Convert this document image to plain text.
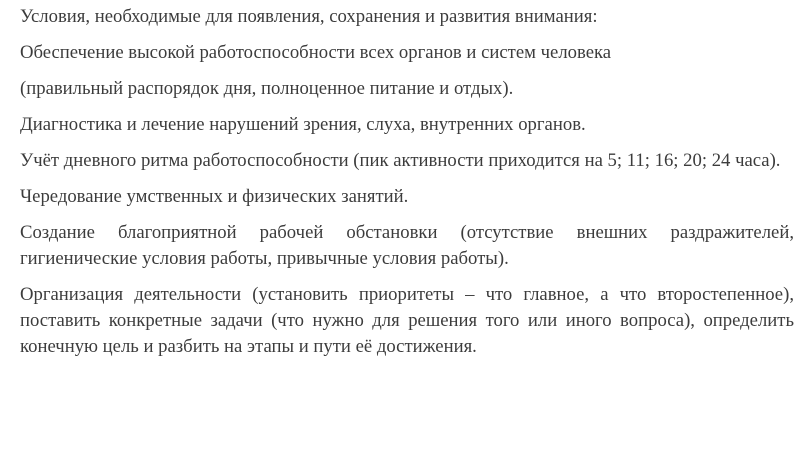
Условия, необходимые для появления, сохранения и развития внимания:

Обеспечение высокой работоспособности всех органов и систем человека

(правильный распорядок дня, полноценное питание и отдых).

Диагностика и лечение нарушений зрения, слуха, внутренних органов.

Учёт дневного ритма работоспособности (пик активности приходится на 5; 11; 16; 20; 24 часа).

Чередование умственных и физических занятий.

Создание благоприятной рабочей обстановки (отсутствие внешних раздражителей, гигиенические условия работы, привычные условия работы).

Организация деятельности (установить приоритеты – что главное, а что второстепенное), поставить конкретные задачи (что нужно для решения того или иного вопроса), определить конечную цель и разбить на этапы и пути её достижения.
